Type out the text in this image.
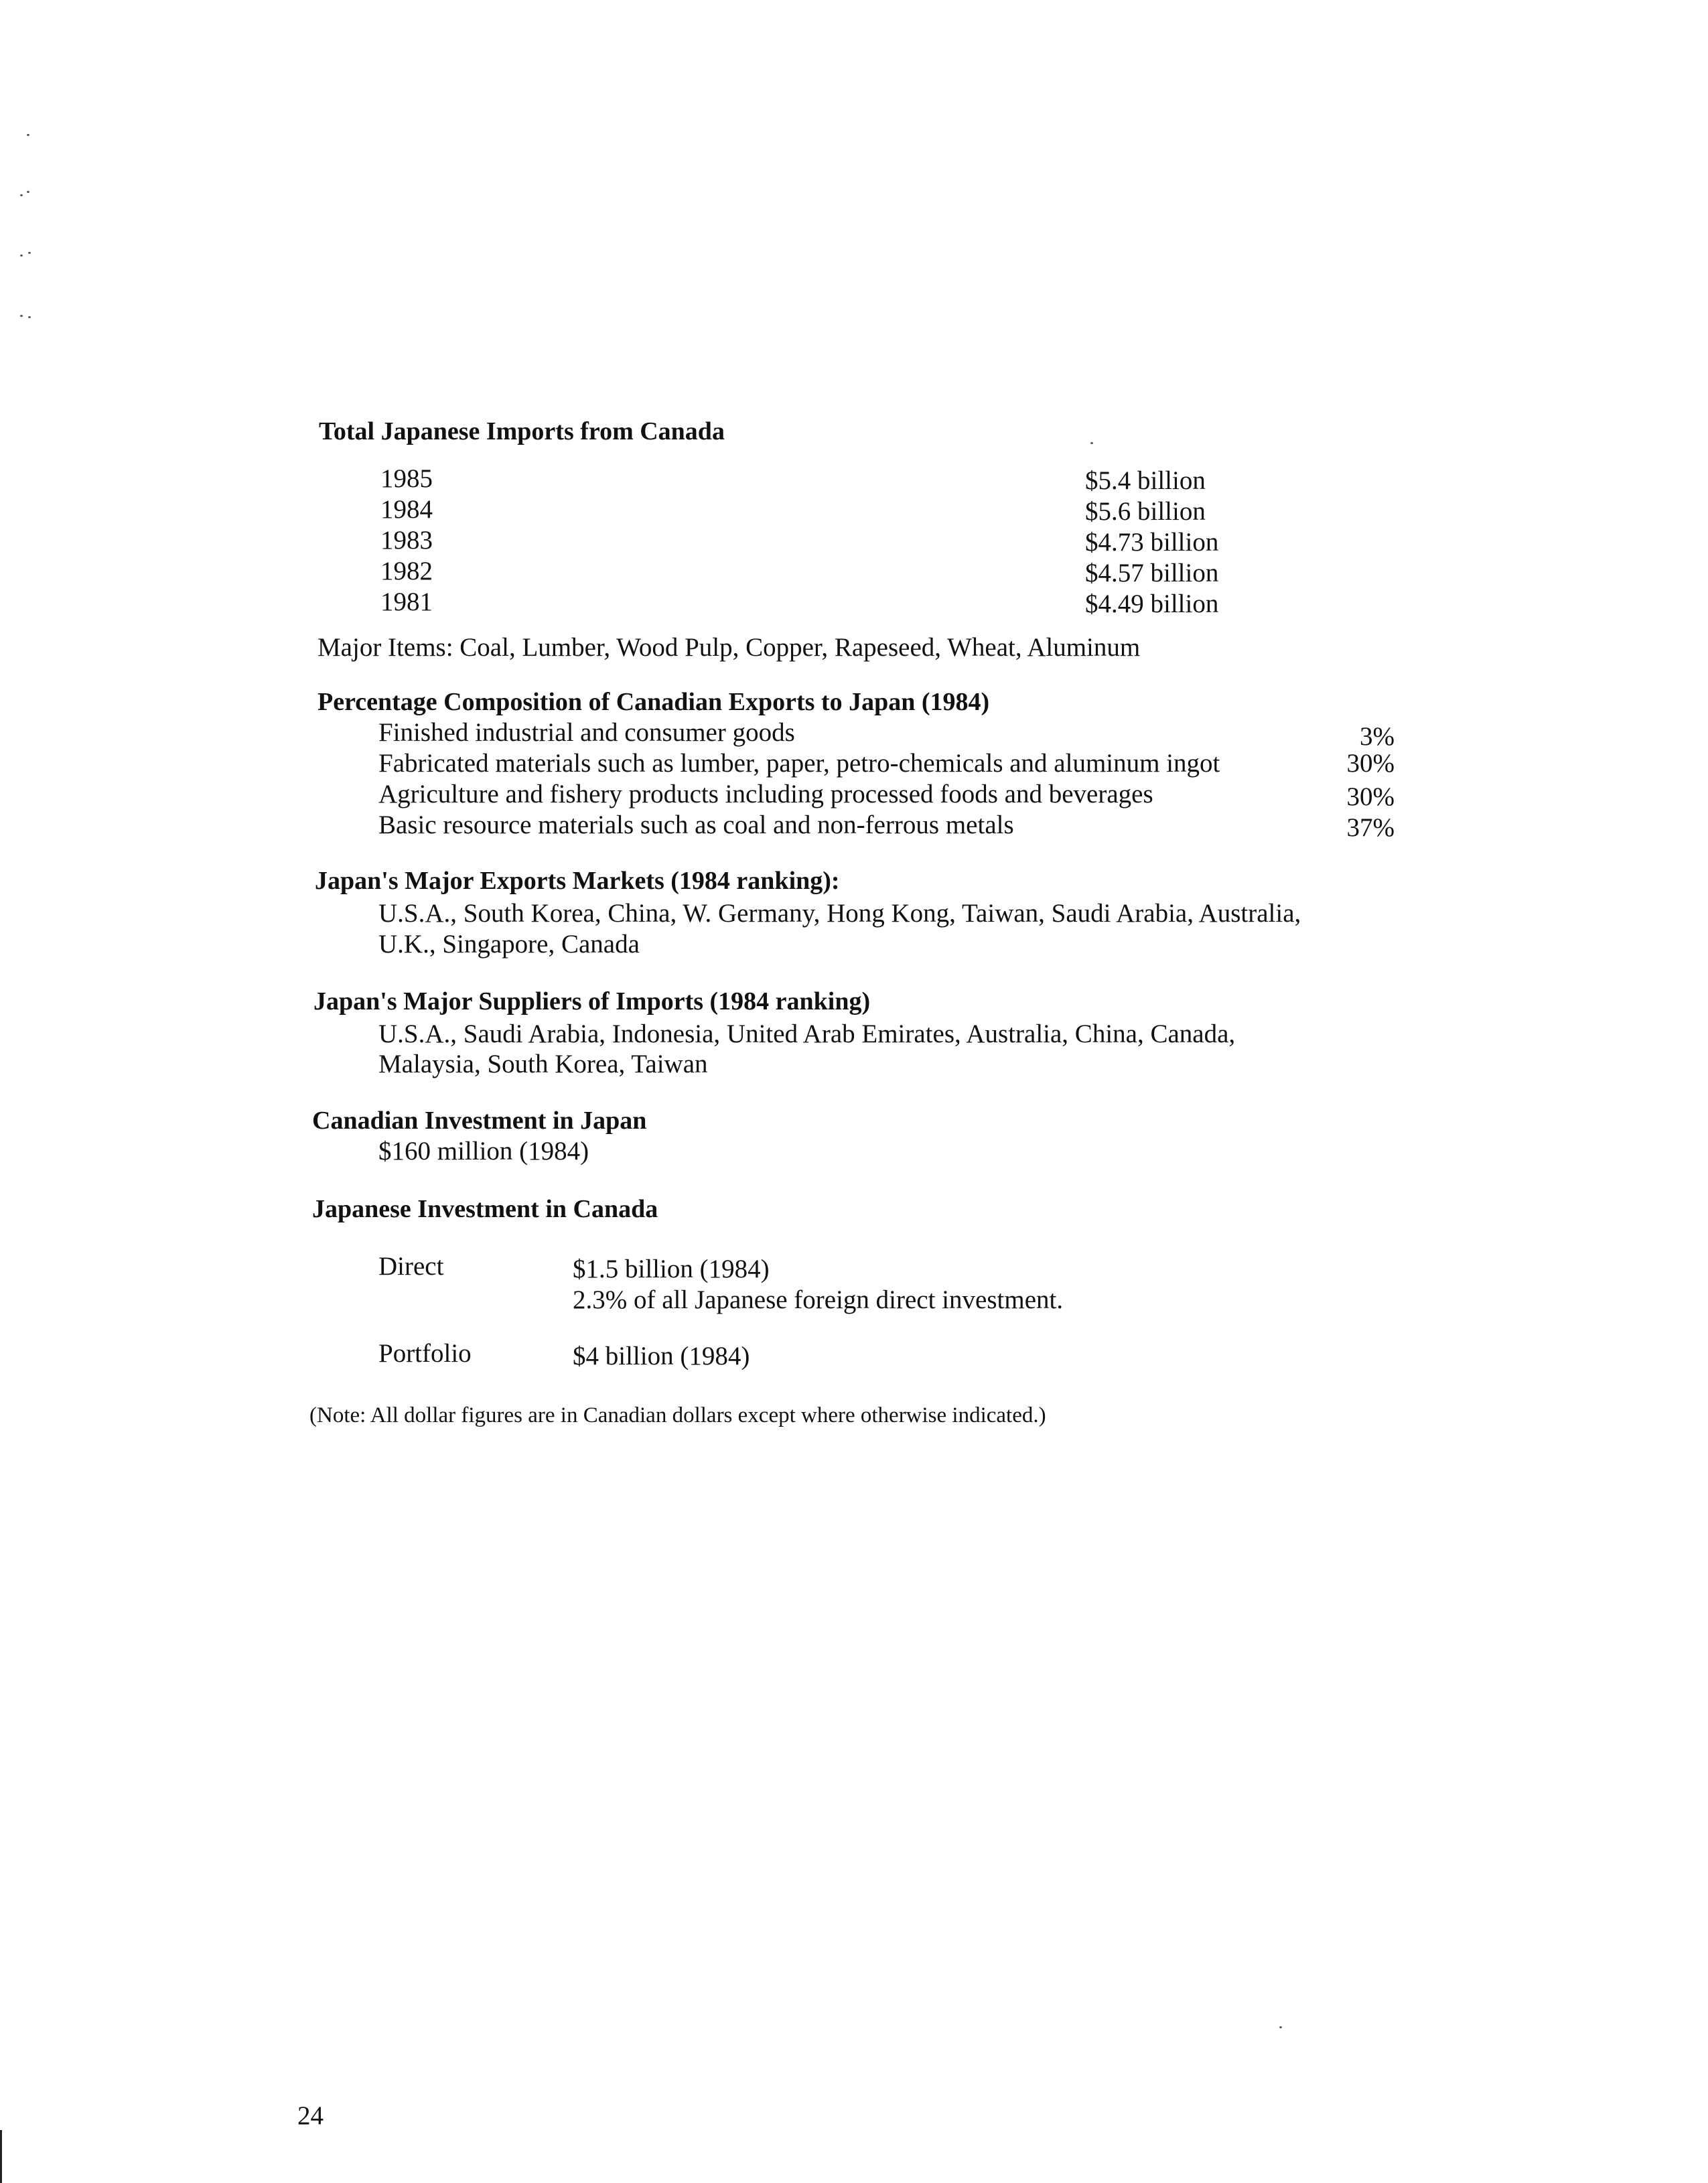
Total Japanese Imports from Canada
1985	$5.4 billion
1984	$5.6 billion
1983	$4.73 billion
1982	$4.57 billion
1981	$4.49 billion
Major Items: Coal, Lumber, Wood Pulp, Copper, Rapeseed, Wheat, Aluminum
Percentage Composition of Canadian Exports to Japan (1984)
Finished industrial and consumer goods	3%
Fabricated materials such as lumber, paper, petro-chemicals and aluminum ingot	30%
Agriculture and fishery products including processed foods and beverages	30%
Basic resource materials such as coal and non-ferrous metals	37%
Japan's Major Exports Markets (1984 ranking):
U.S.A., South Korea, China, W. Germany, Hong Kong, Taiwan, Saudi Arabia, Australia,
U.K., Singapore, Canada
Japan's Major Suppliers of Imports (1984 ranking)
U.S.A., Saudi Arabia, Indonesia, United Arab Emirates, Australia, China, Canada,
Malaysia, South Korea, Taiwan
Canadian Investment in Japan
$160 million (1984)
Japanese Investment in Canada
Direct	$1.5 billion (1984)
2.3% of all Japanese foreign direct investment.
Portfolio	$4 billion (1984)
(Note: All dollar figures are in Canadian dollars except where otherwise indicated.)
24
